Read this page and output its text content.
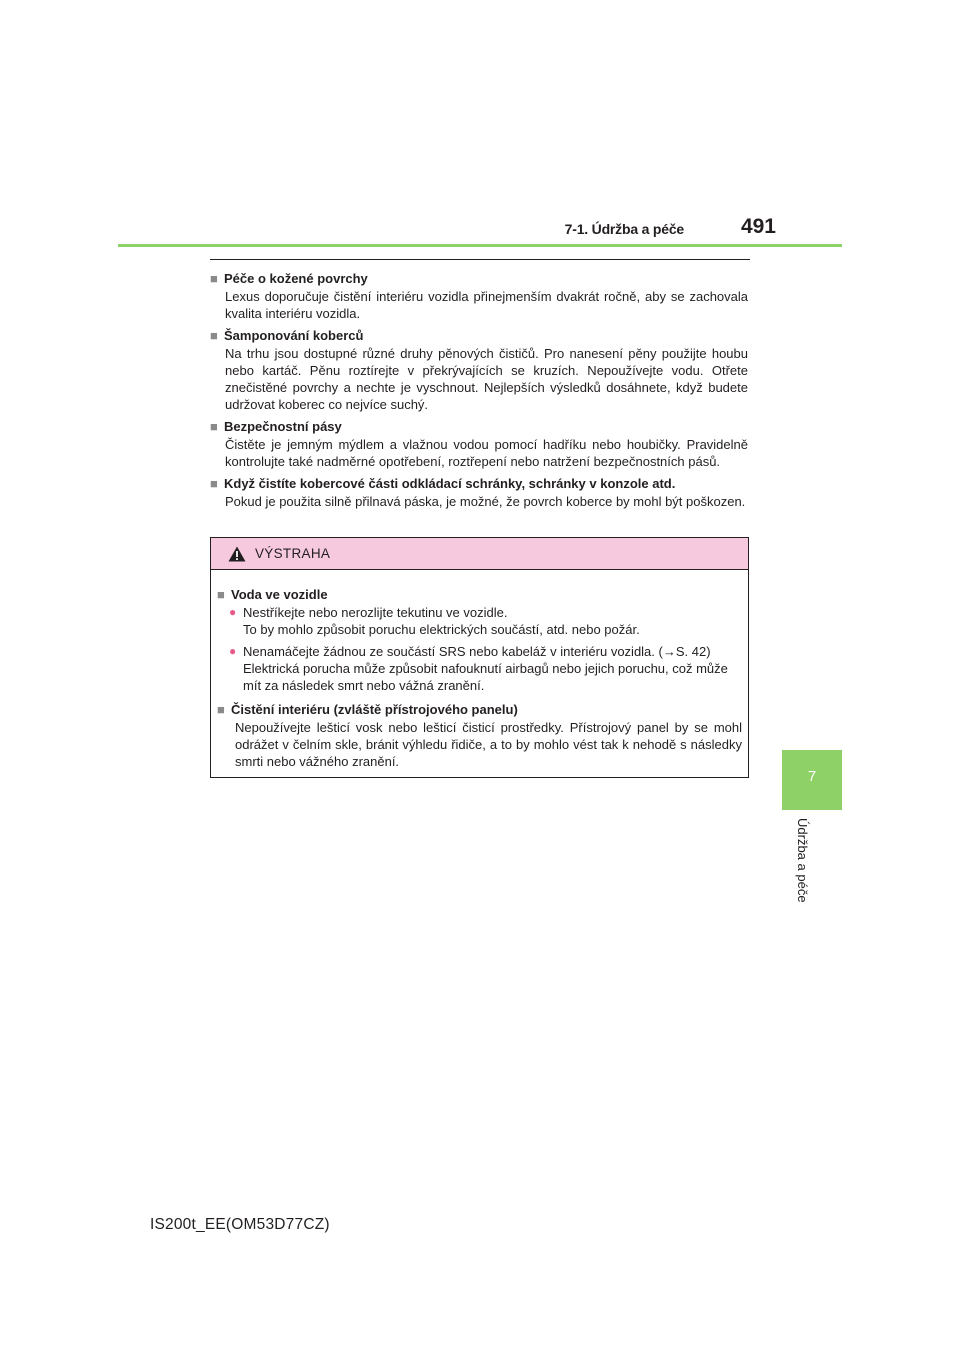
7-1. Údržba a péče	491
7
Údržba a péče
■ Péče o kožené povrchy
Lexus doporučuje čistění interiéru vozidla přinejmenším dvakrát ročně, aby se zachovala kvalita interiéru vozidla.
■ Šamponování koberců
Na trhu jsou dostupné různé druhy pěnových čističů. Pro nanesení pěny použijte houbu nebo kartáč. Pěnu roztírejte v překrývajících se kruzích. Nepoužívejte vodu. Otřete znečistěné povrchy a nechte je vyschnout. Nejlepších výsledků dosáhnete, když budete udržovat koberec co nejvíce suchý.
■ Bezpečnostní pásy
Čistěte je jemným mýdlem a vlažnou vodou pomocí hadříku nebo houbičky. Pravidelně kontrolujte také nadměrné opotřebení, roztřepení nebo natržení bezpečnostních pásů.
■ Když čistíte kobercové části odkládací schránky, schránky v konzole atd.
Pokud je použita silně přilnavá páska, je možné, že povrch koberce by mohl být poškozen.
VÝSTRAHA
■ Voda ve vozidle
● Nestříkejte nebo nerozlijte tekutinu ve vozidle.
To by mohlo způsobit poruchu elektrických součástí, atd. nebo požár.
● Nenamáčejte žádnou ze součástí SRS nebo kabeláž v interiéru vozidla. (→S. 42)
Elektrická porucha může způsobit nafouknutí airbagů nebo jejich poruchu, což může mít za následek smrt nebo vážná zranění.
■ Čistění interiéru (zvláště přístrojového panelu)
Nepoužívejte lešticí vosk nebo lešticí čisticí prostředky. Přístrojový panel by se mohl odrážet v čelním skle, bránit výhledu řidiče, a to by mohlo vést tak k nehodě s následky smrti nebo vážného zranění.
IS200t_EE(OM53D77CZ)
